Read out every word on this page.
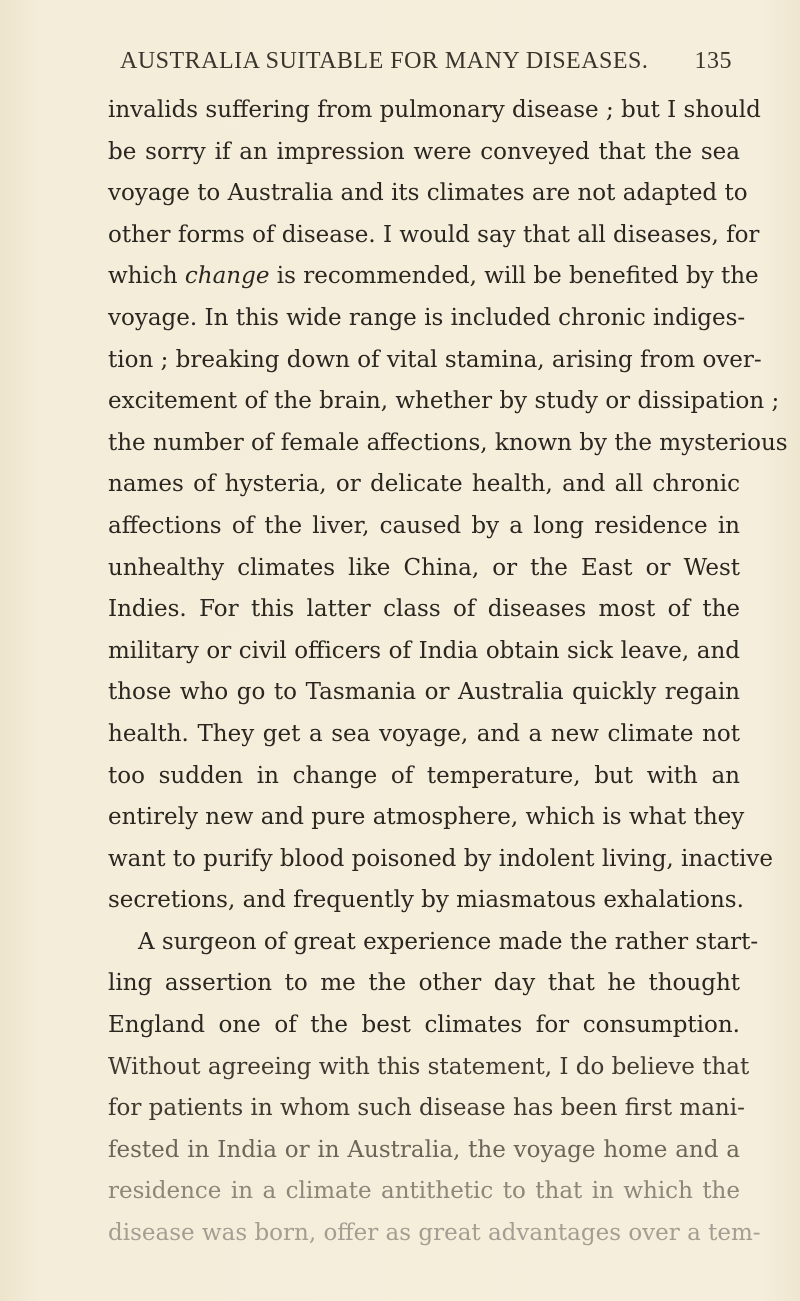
AUSTRALIA SUITABLE FOR MANY DISEASES. 135
invalids suffering from pulmonary disease ; but I should
be sorry if an impression were conveyed that the sea
voyage to Australia and its climates are not adapted to
other forms of disease. I would say that all diseases, for
which change is recommended, will be benefited by the
voyage. In this wide range is included chronic indiges-
tion ; breaking down of vital stamina, arising from over-
excitement of the brain, whether by study or dissipation ;
the number of female affections, known by the mysterious
names of hysteria, or delicate health, and all chronic
affections of the liver, caused by a long residence in
unhealthy climates like China, or the East or West
Indies. For this latter class of diseases most of the
military or civil officers of India obtain sick leave, and
those who go to Tasmania or Australia quickly regain
health. They get a sea voyage, and a new climate not
too sudden in change of temperature, but with an
entirely new and pure atmosphere, which is what they
want to purify blood poisoned by indolent living, inactive
secretions, and frequently by miasmatous exhalations.
A surgeon of great experience made the rather start-
ling assertion to me the other day that he thought
England one of the best climates for consumption.
Without agreeing with this statement, I do believe that
for patients in whom such disease has been first mani-
fested in India or in Australia, the voyage home and a
residence in a climate antithetic to that in which the
disease was born, offer as great advantages over a tem-
